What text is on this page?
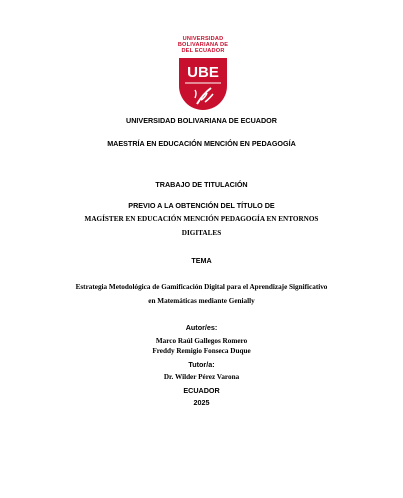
UNIVERSIDAD
BOLIVARIANA DE
DEL ECUADOR
UBE
UNIVERSIDAD BOLIVARIANA DE ECUADOR
MAESTRÍA EN EDUCACIÓN MENCIÓN EN PEDAGOGÍA
TRABAJO DE TITULACIÓN
PREVIO A LA OBTENCIÓN DEL TÍTULO DE
MAGÍSTER EN EDUCACIÓN MENCIÓN PEDAGOGÍA EN ENTORNOS
DIGITALES
TEMA
Estrategia Metodológica de Gamificación Digital para el Aprendizaje Significativo
en Matemáticas mediante Genially
Autor/es:
Marco Raúl Gallegos Romero
Freddy Remigio Fonseca Duque
Tutor/a:
Dr. Wilder Pérez Varona
ECUADOR
2025
